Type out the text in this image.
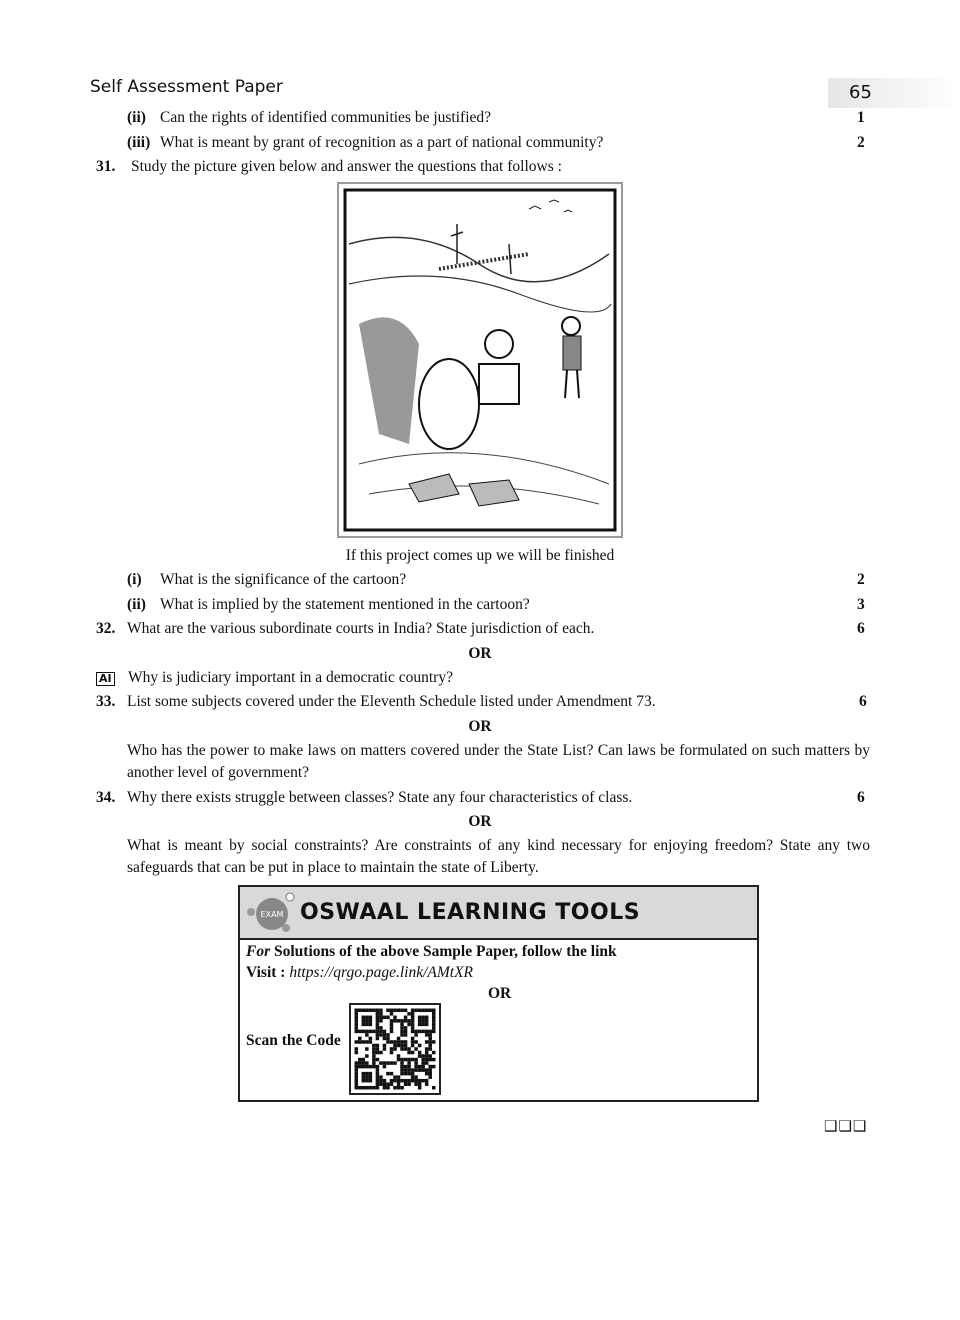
Self Assessment Paper	65
(ii) Can the rights of identified communities be justified?	1
(iii) What is meant by grant of recognition as a part of national community?	2
31. Study the picture given below and answer the questions that follows :
If this project comes up we will be finished
(i) What is the significance of the cartoon?	2
(ii) What is implied by the statement mentioned in the cartoon?	3
32. What are the various subordinate courts in India? State jurisdiction of each.	6
OR
AI Why is judiciary important in a democratic country?
33. List some subjects covered under the Eleventh Schedule listed under Amendment 73.	6
OR
Who has the power to make laws on matters covered under the State List? Can laws be formulated on such matters by another level of government?
34. Why there exists struggle between classes? State any four characteristics of class.	6
OR
What is meant by social constraints? Are constraints of any kind necessary for enjoying freedom? State any two safeguards that can be put in place to maintain the state of Liberty.
EXAM OSWAAL LEARNING TOOLS
For Solutions of the above Sample Paper, follow the link
Visit : https://qrgo.page.link/AMtXR
OR
Scan the Code
❑❑❑
